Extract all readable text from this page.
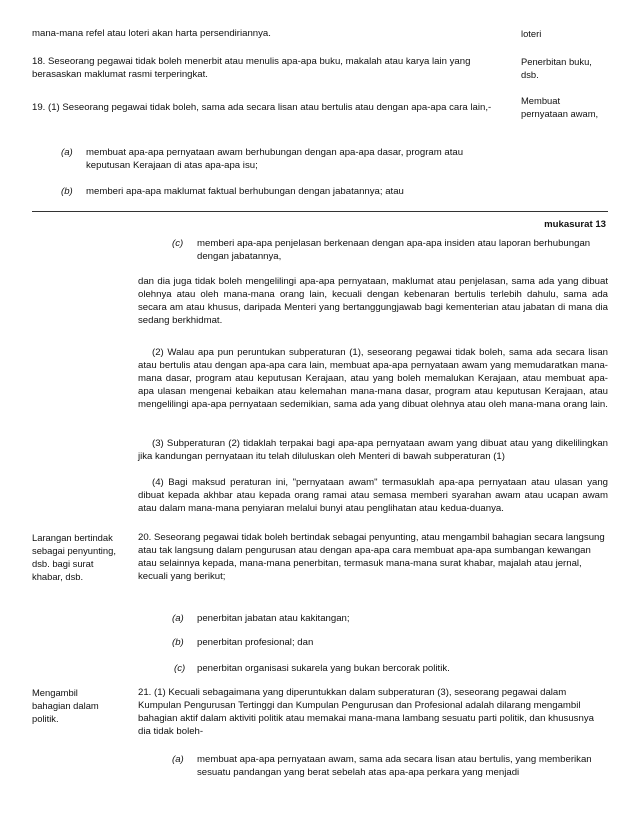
mana-mana refel atau loteri akan harta persendiriannya.	loteri
18. Seseorang pegawai tidak boleh menerbit atau menulis apa-apa buku, makalah atau karya lain yang berasaskan maklumat rasmi terperingkat.
Penerbitan buku, dsb.
19. (1) Seseorang pegawai tidak boleh, sama ada secara lisan atau bertulis atau dengan apa-apa cara lain,-
Membuat pernyataan awam,
(a) membuat apa-apa pernyataan awam berhubungan dengan apa-apa dasar, program atau keputusan Kerajaan di atas apa-apa isu;
(b) memberi apa-apa maklumat faktual berhubungan dengan jabatannya; atau
mukasurat 13
(c) memberi apa-apa penjelasan berkenaan dengan apa-apa insiden atau laporan berhubungan dengan jabatannya,
dan dia juga tidak boleh mengelilingi apa-apa pernyataan, maklumat atau penjelasan, sama ada yang dibuat olehnya atau oleh mana-mana orang lain, kecuali dengan kebenaran bertulis terlebih dahulu, sama ada secara am atau khusus, daripada Menteri yang bertanggungjawab bagi kementerian atau jabatan di mana dia sedang berkhidmat.
(2) Walau apa pun peruntukan subperaturan (1), seseorang pegawai tidak boleh, sama ada secara lisan atau bertulis atau dengan apa-apa cara lain, membuat apa-apa pernyataan awam yang memudaratkan mana-mana dasar, program atau keputusan Kerajaan, atau yang boleh memalukan Kerajaan, atau membuat apa-apa ulasan mengenai kebaikan atau kelemahan mana-mana dasar, program atau keputusan Kerajaan, atau mengelilingi apa-apa pernyataan sedemikian, sama ada yang dibuat olehnya atau oleh mana-mana orang lain.
(3) Subperaturan (2) tidaklah terpakai bagi apa-apa pernyataan awam yang dibuat atau yang dikelilingkan jika kandungan pernyataan itu telah diluluskan oleh Menteri di bawah subperaturan (1)
(4) Bagi maksud peraturan ini, "pernyataan awam" termasuklah apa-apa pernyataan atau ulasan yang dibuat kepada akhbar atau kepada orang ramai atau semasa memberi syarahan awam atau ucapan awam atau dalam mana-mana penyiaran melalui bunyi atau penglihatan atau kedua-duanya.
Larangan bertindak sebagai penyunting, dsb. bagi surat khabar, dsb.
20. Seseorang pegawai tidak boleh bertindak sebagai penyunting, atau mengambil bahagian secara langsung atau tak langsung dalam pengurusan atau dengan apa-apa cara membuat apa-apa sumbangan kewangan atau selainnya kepada, mana-mana penerbitan, termasuk mana-mana surat khabar, majalah atau jernal, kecuali yang berikut;
(a) penerbitan jabatan atau kakitangan;
(b) penerbitan profesional; dan
(c) penerbitan organisasi sukarela yang bukan bercorak politik.
Mengambil bahagian dalam politik.
21. (1) Kecuali sebagaimana yang diperuntukkan dalam subperaturan (3), seseorang pegawai dalam Kumpulan Pengurusan Tertinggi dan Kumpulan Pengurusan dan Profesional adalah dilarang mengambil bahagian aktif dalam aktiviti politik atau memakai mana-mana lambang sesuatu parti politik, dan khususnya dia tidak boleh-
(a) membuat apa-apa pernyataan awam, sama ada secara lisan atau bertulis, yang memberikan sesuatu pandangan yang berat sebelah atas apa-apa perkara yang menjadi
